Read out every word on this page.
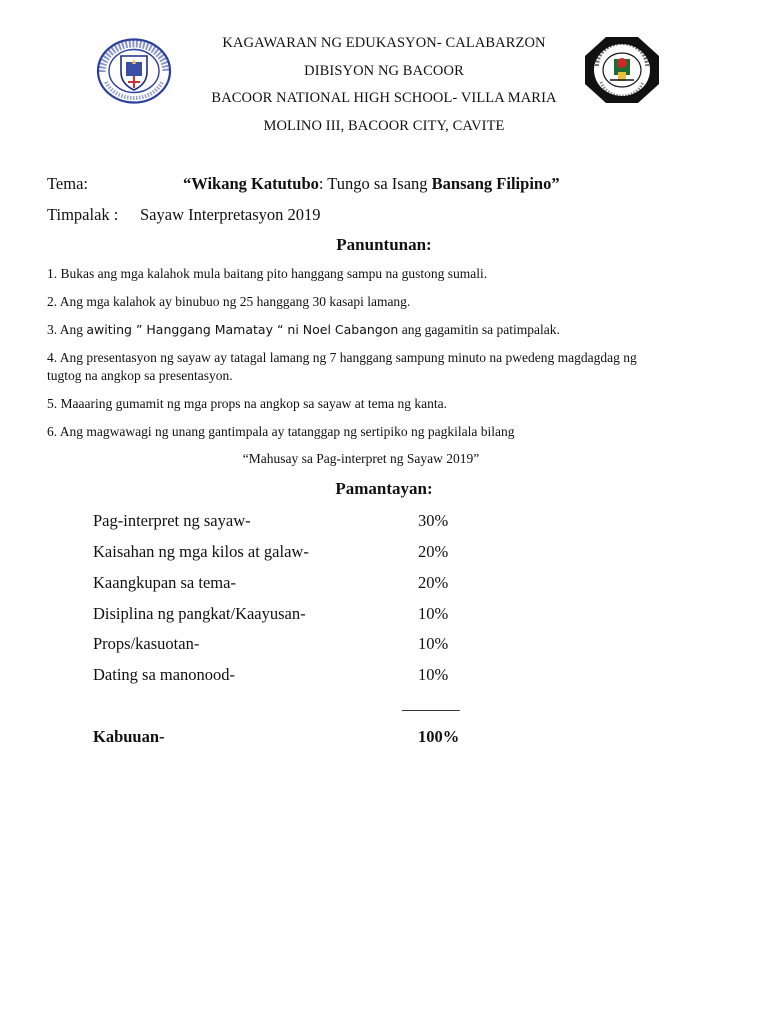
KAGAWARAN NG EDUKASYON- CALABARZON
DIBISYON NG BACOOR
BACOOR NATIONAL HIGH SCHOOL- VILLA MARIA
MOLINO III, BACOOR CITY, CAVITE
Tema:	“Wikang Katutubo: Tungo sa Isang Bansang Filipino”
Timpalak : Sayaw Interpretasyon 2019
Panuntunan:
1. Bukas ang mga kalahok mula baitang pito hanggang sampu na gustong sumali.
2. Ang mga kalahok ay binubuo ng 25 hanggang 30 kasapi lamang.
3. Ang awiting ” Hanggang Mamatay “ ni Noel Cabangon ang gagamitin sa patimpalak.
4. Ang presentasyon ng sayaw ay tatagal lamang ng 7 hanggang sampung minuto na pwedeng magdagdag ng tugtog na angkop sa presentasyon.
5. Maaaring gumamit ng mga props na angkop sa sayaw at tema ng kanta.
6. Ang magwawagi ng unang gantimpala ay tatanggap ng sertipiko ng pagkilala bilang
“Mahusay sa Pag-interpret ng Sayaw 2019”
Pamantayan:
Pag-interpret ng sayaw-	30%
Kaisahan ng mga kilos at galaw-	20%
Kaangkupan sa tema-	20%
Disiplina ng pangkat/Kaayusan-	10%
Props/kasuotan-	10%
Dating sa manonood-	10%
_______
Kabuuan-	100%
